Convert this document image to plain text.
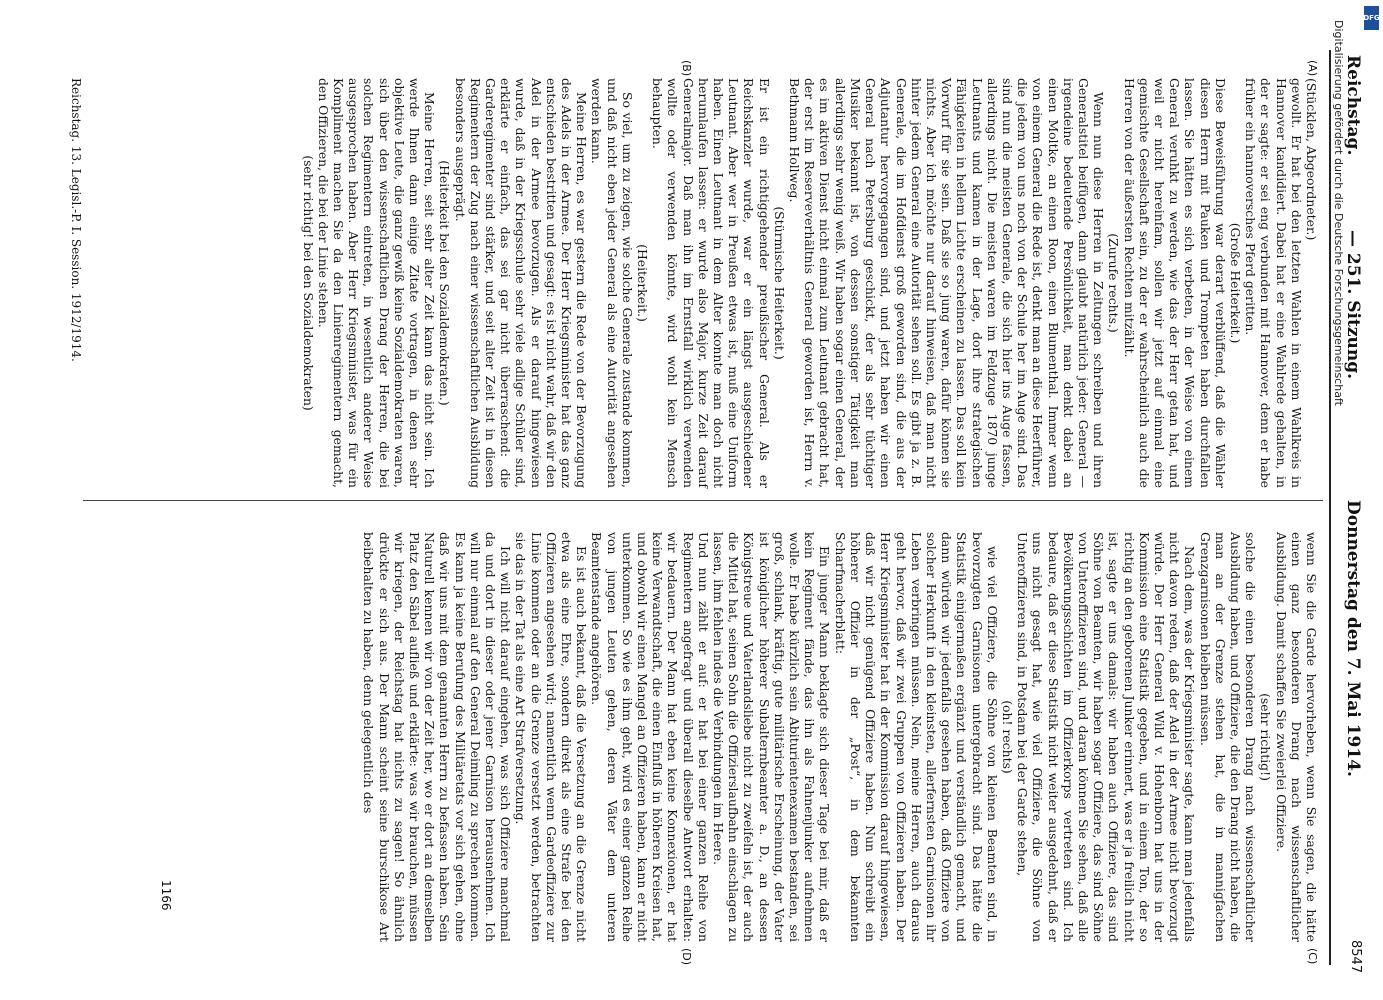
DFG
Digitalisierung gefördert durch die Deutsche Forschungsgemeinschaft
Reichstag.
— 251. Sitzung.
Donnerstag den 7. Mai 1914.
8547
(A)
(B)
(C)
(D)

(Stücklen, Abgeordneter.)

gewollt. Er hat bei den letzten Wahlen in einem Wahlkreis in Hannover kandidiert. Dabei hat er eine Wahlrede gehalten, in der er sagte: er sei eng verbunden mit Hannover, denn er habe früher ein hannoversches Pferd geritten.

(Große Heiterkeit.)

Diese Beweisführung war derart verblüffend, daß die Wähler diesen Herrn mit Pauken und Trompeten haben durchfallen lassen. Sie hätten es sich verbeten, in der Weise von einem General veruhkt zu werden, wie das der Herr getan hat, und weil er nicht hereinfam, sollen wir jetzt auf einmal eine gemischte Gesellschaft sein, zu der er wahrscheinlich auch die Herren von der äußersten Rechten mitzählt.

(Zurufe rechts.)

Wenn nun diese Herren in Zeitungen schreiben und ihren Generalstitel beifügen, dann glaubt natürlich jeder: General — irgendeine bedeutende Persönlichkeit, man denkt dabei an einen Moltke, an einen Roon, einen Blumenthal. Immer wenn von einem General die Rede ist, denkt man an diese Heerführer, die jedem von uns noch von der Schule her im Auge sind. Das sind nun die meisten Generale, die sich hier ins Auge fassen, allerdings nicht. Die meisten waren im Feldzuge 1870 junge Leutnants und kamen in der Lage, dort ihre strategischen Fähigkeiten in hellem Lichte erscheinen zu lassen. Das soll kein Vorwurf für sie sein. Daß sie so jung waren, dafür können sie nichts. Aber ich möchte nur darauf hinweisen, daß man nicht hinter jedem General eine Autorität sehen soll. Es gibt ja z. B. Generale, die im Hofdienst groß geworden sind, die aus der Adjutantur hervorgegangen sind, und jetzt haben wir einen General nach Petersburg geschickt, der als sehr tüchtiger Musiker bekannt ist, von dessen sonstiger Tätigkeit man allerdings sehr wenig weiß. Wir haben sogar einen General, der es im aktiven Dienst nicht einmal zum Leutnant gebracht hat, der erst im Reserveverhältnis General geworden ist, Herrn v. Bethmann Hollweg.

(Stürmische Heiterkeit.)

Er ist ein richtiggehender preußischer General. Als er Reichskanzler wurde, war er ein längst ausgeschiedener Leutnant. Aber wer in Preußen etwas ist, muß eine Uniform haben. Einen Leutnant in dem Alter konnte man doch nicht herumlaufen lassen: er wurde also Major, kurze Zeit darauf Generalmajor. Daß man ihn im Ernstfall wirklich verwenden wollte oder verwenden könnte, wird wohl kein Mensch behaupten.

(Heiterkeit.)

So viel, um zu zeigen, wie solche Generale zustande kommen, und daß nicht eben jeder General als eine Autorität angesehen werden kann.

Meine Herren, es war gestern die Rede von der Bevorzugung des Adels in der Armee. Der Herr Kriegsminister hat das ganz entschieden bestritten und gesagt: es ist nicht wahr, daß wir den Adel in der Armee bevorzugen. Als er darauf hingewiesen wurde, daß in der Kriegsschule sehr viele adlige Schüler sind, erklärte er einfach, das sei gar nicht überraschend: die Garderegimenter sind stärker, und seit alter Zeit ist in diesen Regimentern der Zug nach einer wissenschaftlichen Ausbildung besonders ausgeprägt.

(Heiterkeit bei den Sozialdemokraten.)

Meine Herren, seit sehr alter Zeit kann das nicht sein. Ich werde Ihnen dann einige Zitate vortragen, in denen sehr objektive Leute, die ganz gewiß keine Sozialdemokraten waren, sich über den wissenschaftlichen Drang der Herren, die bei solchen Regimentern eintreten, in wesentlich anderer Weise ausgesprochen haben. Aber Herr Kriegsminister, was für ein Kompliment machen Sie da den Linienregimentern gemacht, den Offizieren, die bei der Linie stehen.

(sehr richtig! bei den Sozialdemokraten)

wenn Sie die Garde hervorheben, wenn Sie sagen, die hätte einen ganz besonderen Drang nach wissenschaftlicher Ausbildung. Damit schaffen Sie zweierlei Offiziere.

(sehr richtig!)

solche die einen besonderen Drang nach wissenschaftlicher Ausbildung haben, und Offiziere, die den Drang nicht haben, die man an der Grenze stehen hat, die in mannigfachen Grenzgarnisonen bleiben müssen.

Nach dem, was der Kriegsminister sagte, kann man jedenfalls nicht davon reden, daß der Adel in der Armee nicht bevorzugt würde. Der Herr General Wild v. Hohenborn hat uns in der Kommission eine Statistik gegeben, und in einem Ton, der so richtig an den geborenen Junker erinnert, was er ja freilich nicht ist, sagte er uns damals: wir haben auch Offiziere, das sind Söhne von Beamten, wir haben sogar Offiziere, das sind Söhne von Unteroffizieren sind, und daran können Sie sehen, daß alle Bevölkerungsschichten im Offizierkorps vertreten sind. Ich bedaure, daß er diese Statistik nicht weiter ausgedehnt, daß er uns nicht gesagt hat, wie viel Offiziere, die Söhne von Unteroffizieren sind, in Potsdam bei der Garde stehen,

(oh! rechts)

wie viel Offiziere, die Söhne von kleinen Beamten sind, in bevorzugten Garnisonen untergebracht sind. Das hätte die Statistik einigermaßen ergänzt und verständlich gemacht, und dann würden wir jedenfalls gesehen haben, daß Offiziere von solcher Herkunft in den kleinsten, allerfernsten Garnisonen ihr Leben verbringen müssen. Nein, meine Herren, auch daraus geht hervor, daß wir zwei Gruppen von Offizieren haben. Der Herr Kriegsminister hat in der Kommission darauf hingewiesen, daß wir nicht genügend Offiziere haben. Nun schreibt ein höherer Offizier in der „Post“, in dem bekannten Scharfmacherblatt:

Ein junger Mann beklagte sich dieser Tage bei mir, daß er kein Regiment fände, das ihn als Fahnenjunker aufnehmen wolle. Er habe kürzlich sein Abiturientenexamen bestanden, sei groß, schlank, kräftig, gute militärische Erscheinung, der Vater ist königlicher höherer Subalternbeamter a. D., an dessen Königstreue und Vaterlandsliebe nicht zu zweifeln ist, der auch die Mittel hat, seinen Sohn die Offizierslaufbahn einschlagen zu lassen, ihm fehlen indes die Verbindungen im Heere.

Und nun zählt er auf: er hat bei einer ganzen Reihe von Regimentern angefragt und überall dieselbe Antwort erhalten: wir bedauern. Der Mann hat eben keine Konnexionen, er hat keine Verwandtschaft, die einen Einfluß in höheren Kreisen hat, und obwohl wir einen Mangel an Offizieren haben, kann er nicht unterkommen. So wie es ihm geht, wird es einer ganzen Reihe von jungen Leuten gehen, deren Väter dem unteren Beamtenstande angehören.

Es ist auch bekannt, daß die Versetzung an die Grenze nicht etwa als eine Ehre, sondern direkt als eine Strafe bei den Offizieren angesehen wird; namentlich wenn Gardeoffiziere zur Linie kommen oder an die Grenze versetzt werden, betrachten sie das in der Tat als eine Art Strafversetzung.

Ich will nicht darauf eingehen, was sich Offiziere manchmal da und dort in dieser oder jener Garnison herausnehmen. Ich will nur einmal auf den General Deimling zu sprechen kommen. Es kann ja keine Berufung des Militäretats vor sich gehen, ohne daß wir uns mit dem genannten Herrn zu befassen haben. Sein Naturell kennen wir von der Zeit her, wo er dort an demselben Platz den Säbel aufließ und erklärte: was wir brauchen, müssen wir kriegen, der Reichstag hat nichts zu sagen! So ähnlich drückte er sich aus. Der Mann scheint seine burschikose Art beibehalten zu haben, denn gelegentlich des

Reichstag. 13. Legisl.-P. I. Session. 1912/1914.
1166
